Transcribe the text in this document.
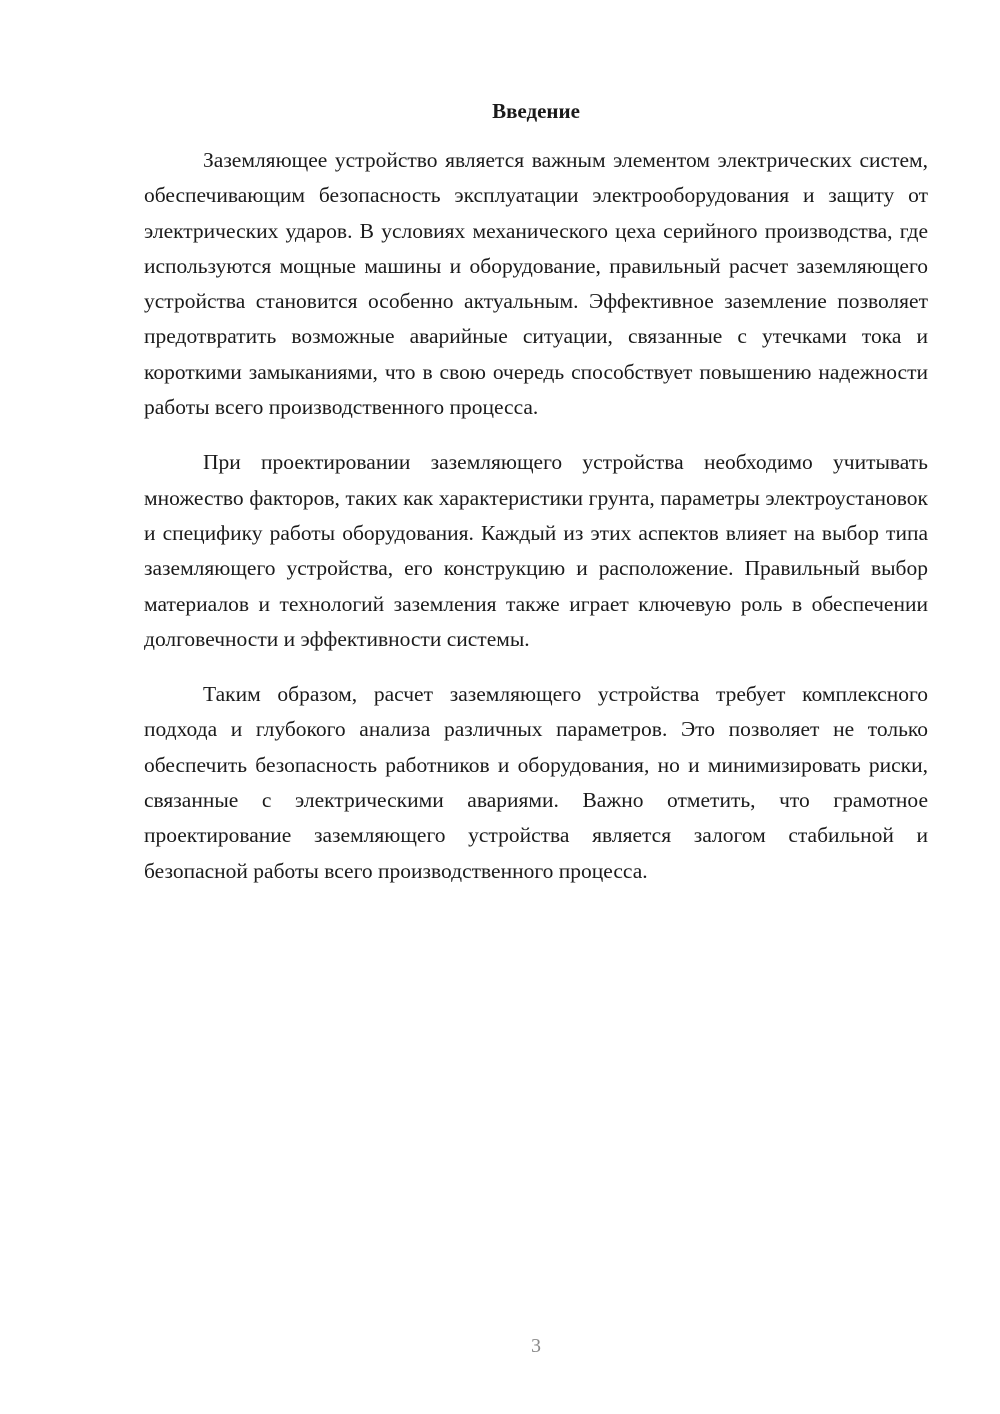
Введение

Заземляющее устройство является важным элементом электрических систем, обеспечивающим безопасность эксплуатации электрооборудования и защиту от электрических ударов. В условиях механического цеха серийного производства, где используются мощные машины и оборудование, правильный расчет заземляющего устройства становится особенно актуальным. Эффективное заземление позволяет предотвратить возможные аварийные ситуации, связанные с утечками тока и короткими замыканиями, что в свою очередь способствует повышению надежности работы всего производственного процесса.

При проектировании заземляющего устройства необходимо учитывать множество факторов, таких как характеристики грунта, параметры электроустановок и специфику работы оборудования. Каждый из этих аспектов влияет на выбор типа заземляющего устройства, его конструкцию и расположение. Правильный выбор материалов и технологий заземления также играет ключевую роль в обеспечении долговечности и эффективности системы.

Таким образом, расчет заземляющего устройства требует комплексного подхода и глубокого анализа различных параметров. Это позволяет не только обеспечить безопасность работников и оборудования, но и минимизировать риски, связанные с электрическими авариями. Важно отметить, что грамотное проектирование заземляющего устройства является залогом стабильной и безопасной работы всего производственного процесса.

3
